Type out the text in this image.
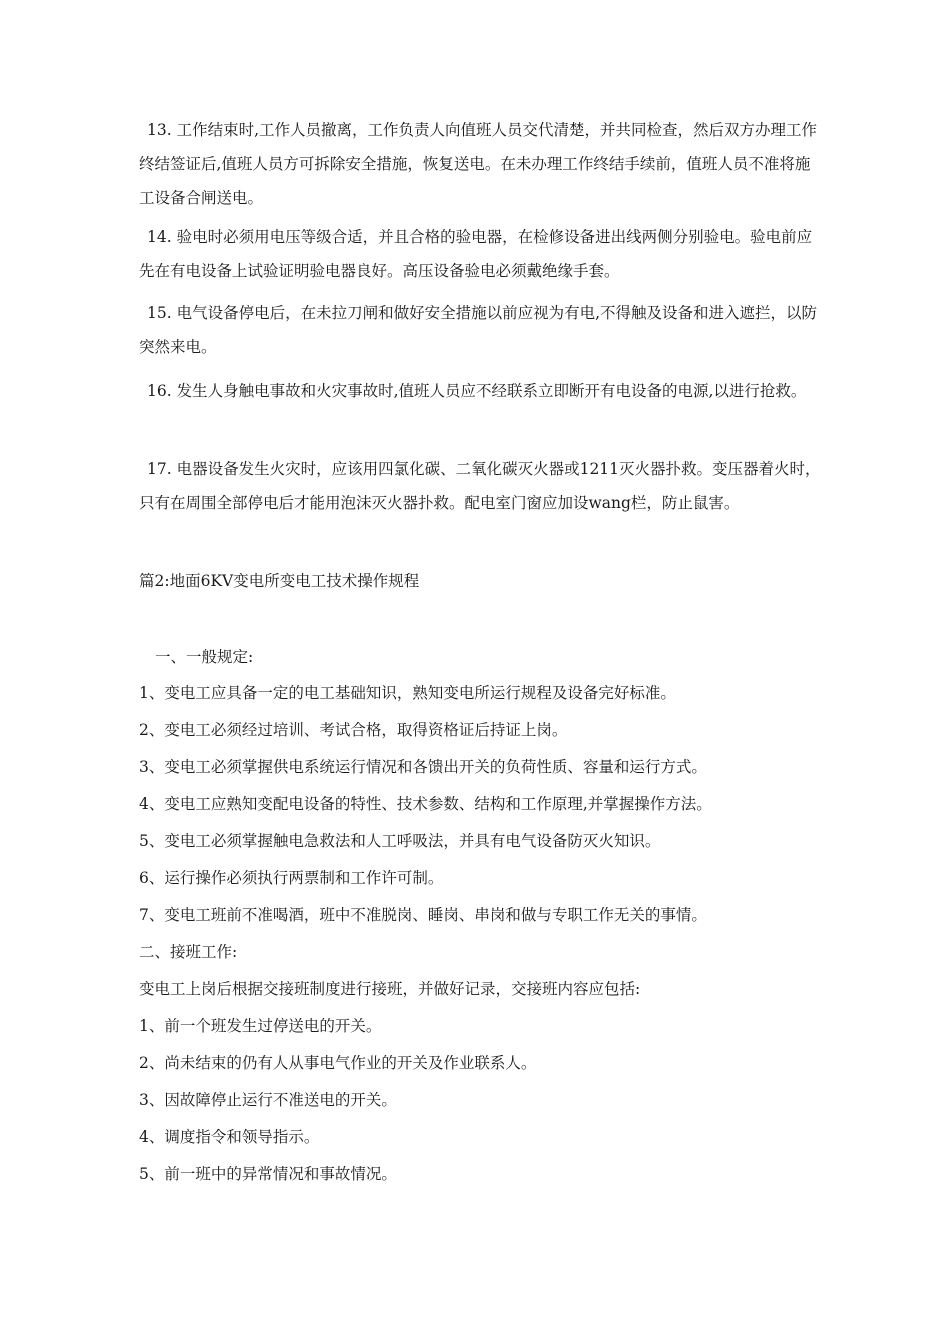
13. 工作结束时,工作人员撤离，工作负责人向值班人员交代清楚，并共同检查，然后双方办理工作终结签证后,值班人员方可拆除安全措施，恢复送电。在未办理工作终结手续前，值班人员不准将施工设备合闸送电。
14. 验电时必须用电压等级合适，并且合格的验电器，在检修设备进出线两侧分别验电。验电前应先在有电设备上试验证明验电器良好。高压设备验电必须戴绝缘手套。
15. 电气设备停电后，在未拉刀闸和做好安全措施以前应视为有电,不得触及设备和进入遮拦，以防突然来电。
16. 发生人身触电事故和火灾事故时,值班人员应不经联系立即断开有电设备的电源,以进行抢救。
17. 电器设备发生火灾时，应该用四氯化碳、二氧化碳灭火器或1211灭火器扑救。变压器着火时，只有在周围全部停电后才能用泡沫灭火器扑救。配电室门窗应加设wang栏，防止鼠害。
篇2:地面6KV变电所变电工技术操作规程
一、一般规定:
1、变电工应具备一定的电工基础知识，熟知变电所运行规程及设备完好标准。
2、变电工必须经过培训、考试合格，取得资格证后持证上岗。
3、变电工必须掌握供电系统运行情况和各馈出开关的负荷性质、容量和运行方式。
4、变电工应熟知变配电设备的特性、技术参数、结构和工作原理,并掌握操作方法。
5、变电工必须掌握触电急救法和人工呼吸法，并具有电气设备防灭火知识。
6、运行操作必须执行两票制和工作许可制。
7、变电工班前不准喝酒，班中不准脱岗、睡岗、串岗和做与专职工作无关的事情。
二、接班工作:
变电工上岗后根据交接班制度进行接班，并做好记录，交接班内容应包括:
1、前一个班发生过停送电的开关。
2、尚未结束的仍有人从事电气作业的开关及作业联系人。
3、因故障停止运行不准送电的开关。
4、调度指令和领导指示。
5、前一班中的异常情况和事故情况。
